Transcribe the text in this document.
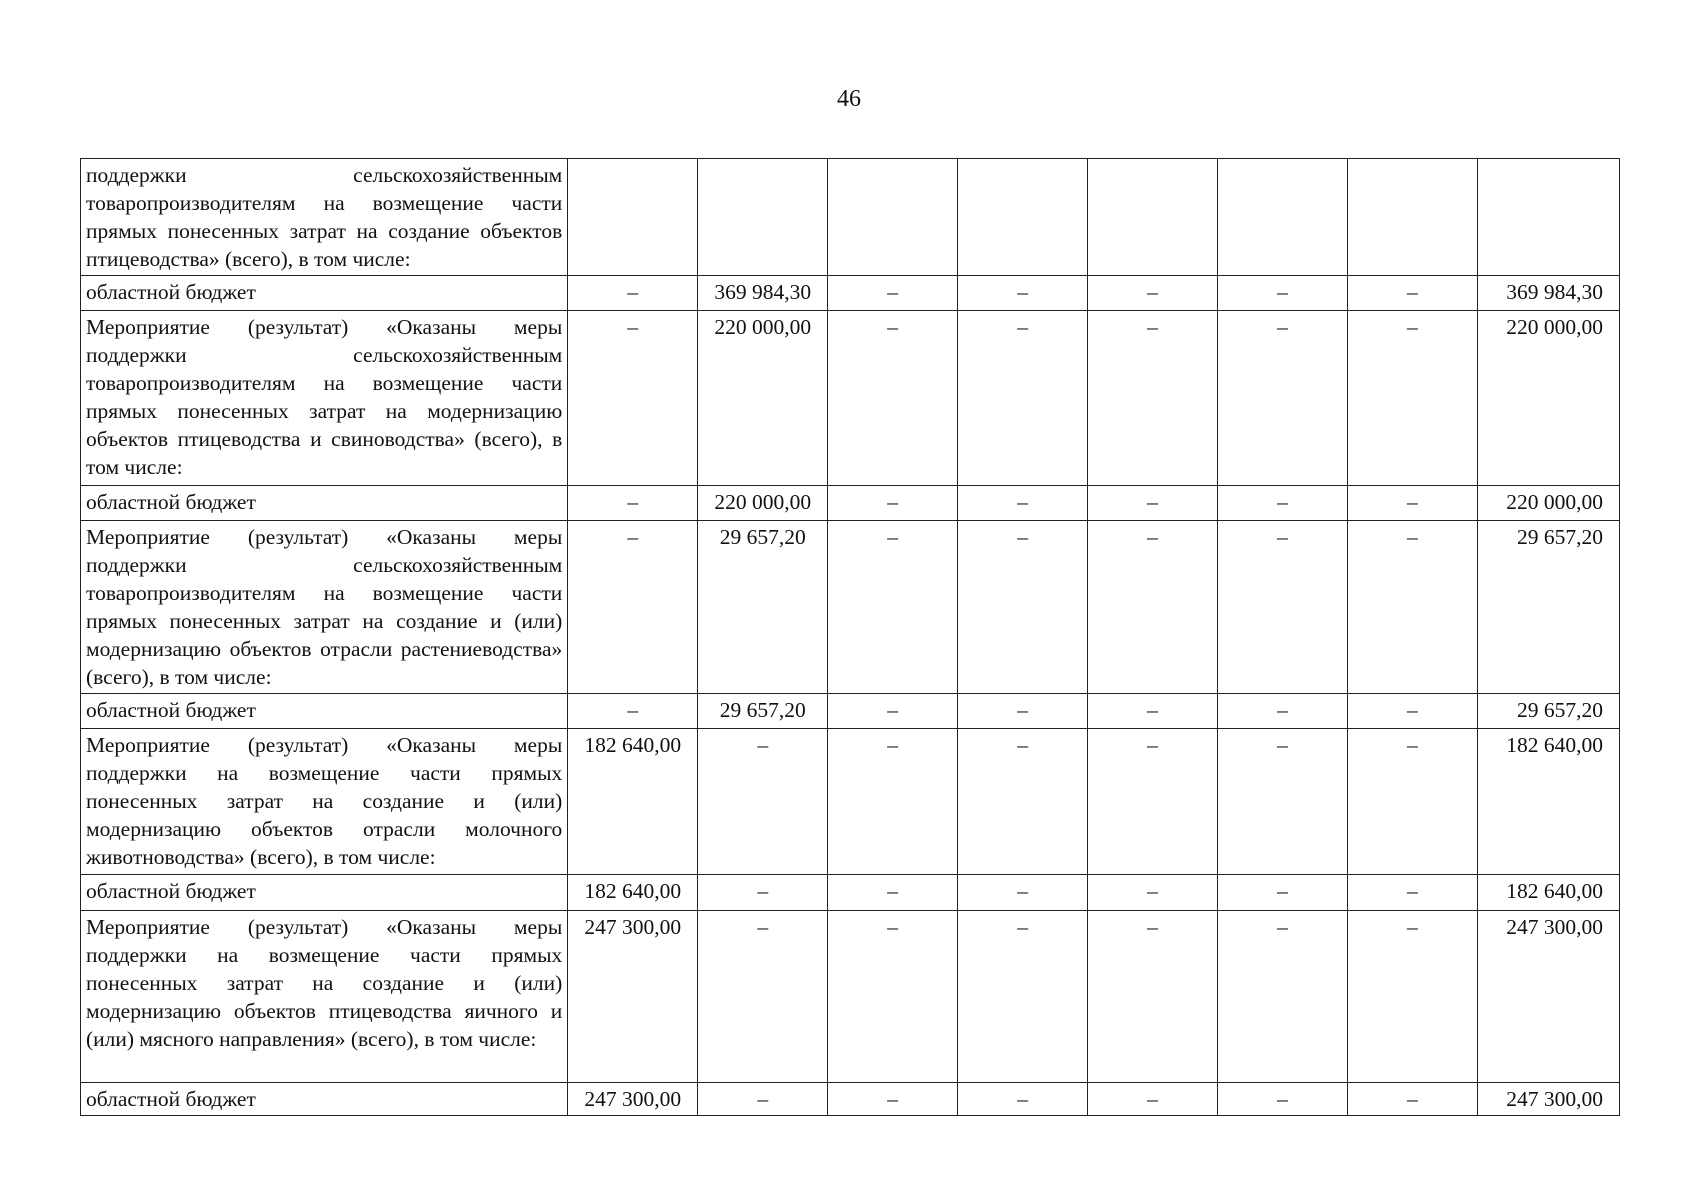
46
поддержки сельскохозяйственным товаропроизводителям на возмещение части прямых понесенных затрат на создание объектов птицеводства» (всего), в том числе:								
областной бюджет	–	369 984,30	–	–	–	–	–	369 984,30
Мероприятие (результат) «Оказаны меры поддержки сельскохозяйственным товаропроизводителям на возмещение части прямых понесенных затрат на модернизацию объектов птицеводства и свиноводства» (всего), в том числе:	–	220 000,00	–	–	–	–	–	220 000,00
областной бюджет	–	220 000,00	–	–	–	–	–	220 000,00
Мероприятие (результат) «Оказаны меры поддержки сельскохозяйственным товаропроизводителям на возмещение части прямых понесенных затрат на создание и (или) модернизацию объектов отрасли растениеводства» (всего), в том числе:	–	29 657,20	–	–	–	–	–	29 657,20
областной бюджет	–	29 657,20	–	–	–	–	–	29 657,20
Мероприятие (результат) «Оказаны меры поддержки на возмещение части прямых понесенных затрат на создание и (или) модернизацию объектов отрасли молочного животноводства» (всего), в том числе:	182 640,00	–	–	–	–	–	–	182 640,00
областной бюджет	182 640,00	–	–	–	–	–	–	182 640,00
Мероприятие (результат) «Оказаны меры поддержки на возмещение части прямых понесенных затрат на создание и (или) модернизацию объектов птицеводства яичного и (или) мясного направления» (всего), в том числе:	247 300,00	–	–	–	–	–	–	247 300,00
областной бюджет	247 300,00	–	–	–	–	–	–	247 300,00
